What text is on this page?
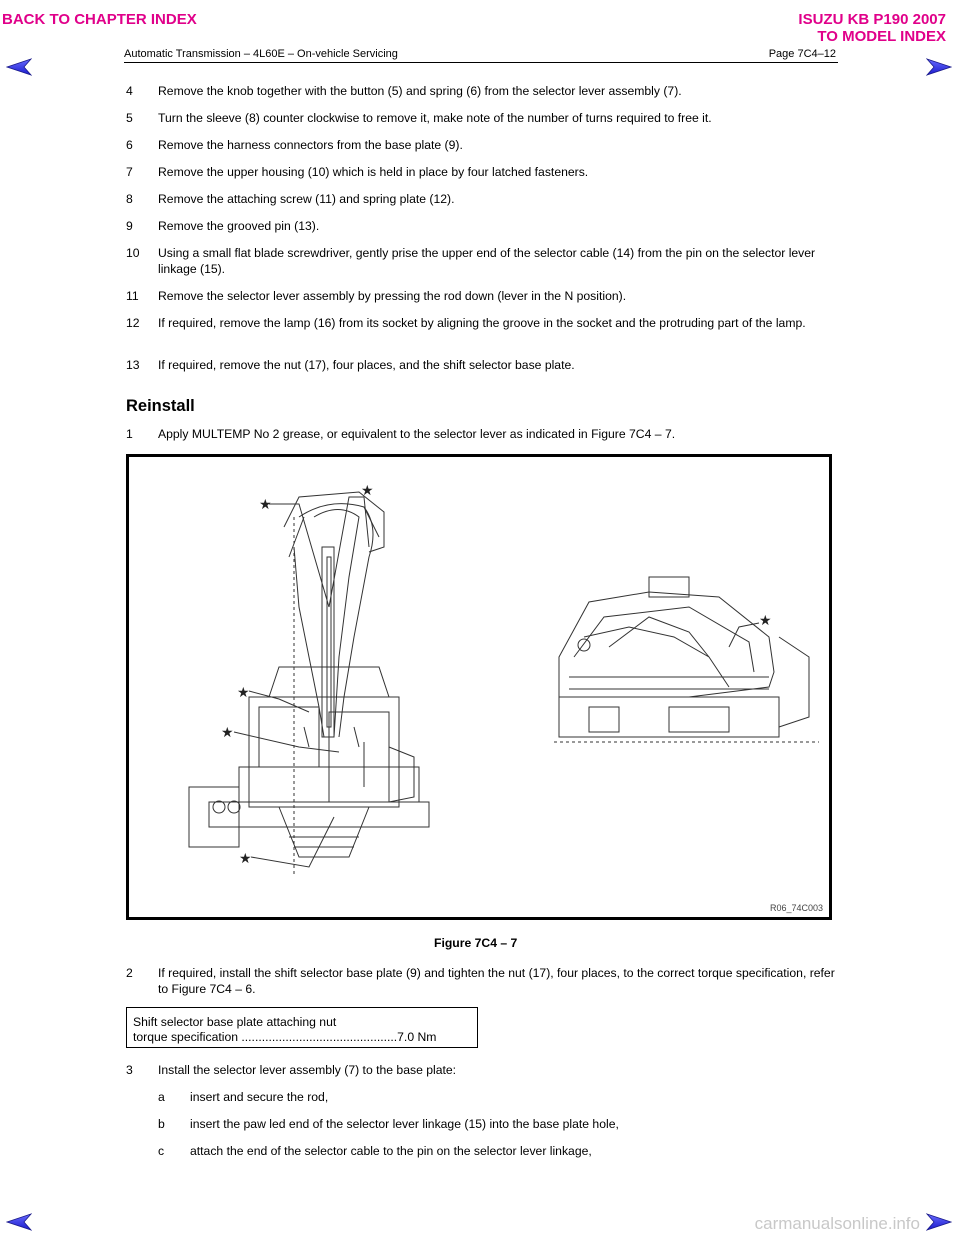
BACK TO CHAPTER INDEX	ISUZU KB P190 2007
TO MODEL INDEX
Automatic Transmission – 4L60E – On-vehicle Servicing	Page 7C4–12
4 Remove the knob together with the button (5) and spring (6) from the selector lever assembly (7).
5 Turn the sleeve (8) counter clockwise to remove it, make note of the number of turns required to free it.
6 Remove the harness connectors from the base plate (9).
7 Remove the upper housing (10) which is held in place by four latched fasteners.
8 Remove the attaching screw (11) and spring plate (12).
9 Remove the grooved pin (13).
10 Using a small flat blade screwdriver, gently prise the upper end of the selector cable (14) from the pin on the selector lever linkage (15).
11 Remove the selector lever assembly by pressing the rod down (lever in the N position).
12 If required, remove the lamp (16) from its socket by aligning the groove in the socket and the protruding part of the lamp.
13 If required, remove the nut (17), four places, and the shift selector base plate.
Reinstall
1 Apply MULTEMP No 2 grease, or equivalent to the selector lever as indicated in Figure 7C4 – 7.
★
★
★
★
★
★
R06_74C003
Figure 7C4 – 7
2 If required, install the shift selector base plate (9) and tighten the nut (17), four places, to the correct torque specification, refer to Figure 7C4 – 6.
Shift selector base plate attaching nut
torque specification ..............................................7.0 Nm
3 Install the selector lever assembly (7) to the base plate:
a insert and secure the rod,
b insert the paw led end of the selector lever linkage (15) into the base plate hole,
c attach the end of the selector cable to the pin on the selector lever linkage,
carmanualsonline.info
